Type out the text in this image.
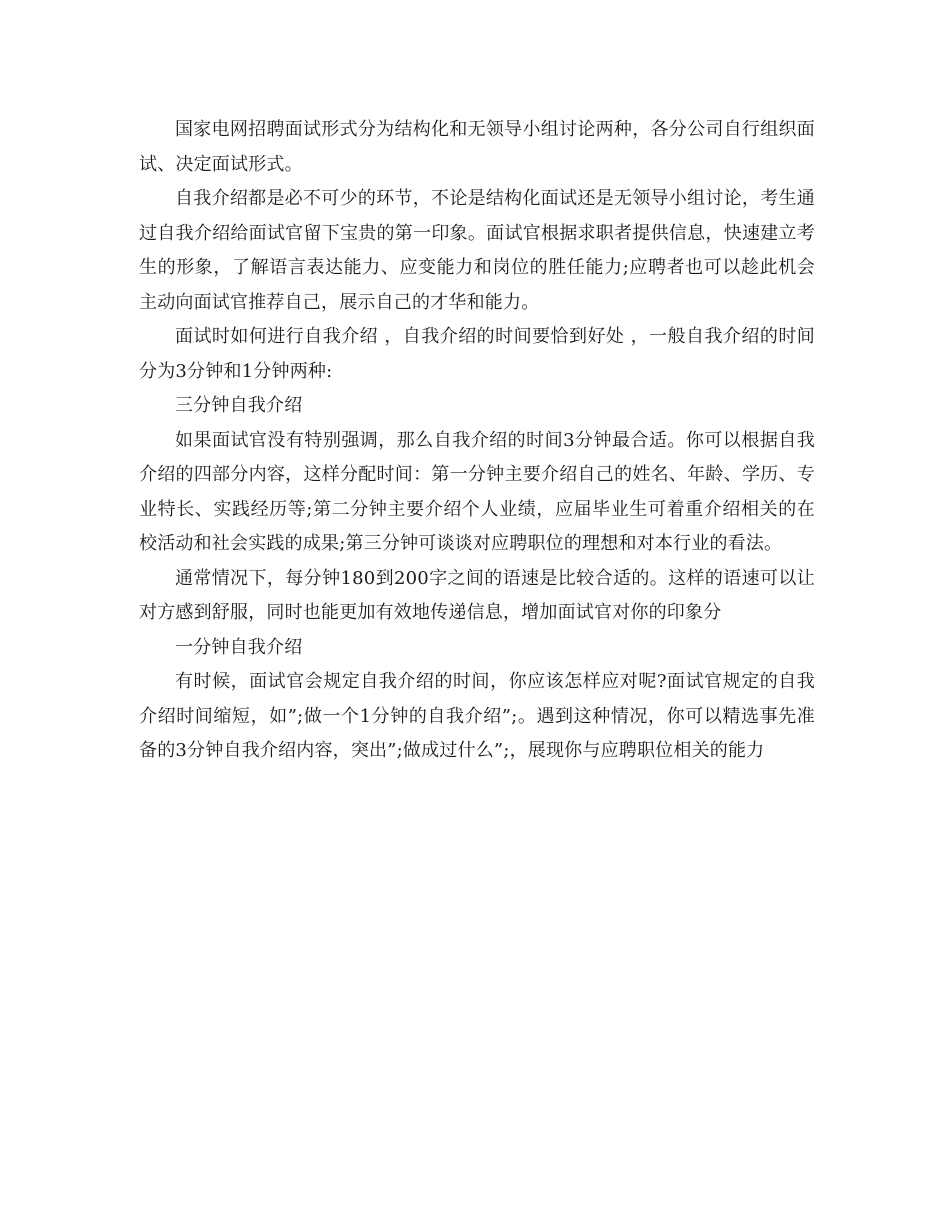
国家电网招聘面试形式分为结构化和无领导小组讨论两种，各分公司自行组织面试、决定面试形式。

自我介绍都是必不可少的环节，不论是结构化面试还是无领导小组讨论，考生通过自我介绍给面试官留下宝贵的第一印象。面试官根据求职者提供信息，快速建立考生的形象，了解语言表达能力、应变能力和岗位的胜任能力;应聘者也可以趁此机会主动向面试官推荐自己，展示自己的才华和能力。

面试时如何进行自我介绍 ，自我介绍的时间要恰到好处 ，一般自我介绍的时间分为3分钟和1分钟两种:

三分钟自我介绍

如果面试官没有特别强调，那么自我介绍的时间3分钟最合适。你可以根据自我介绍的四部分内容，这样分配时间：第一分钟主要介绍自己的姓名、年龄、学历、专业特长、实践经历等;第二分钟主要介绍个人业绩，应届毕业生可着重介绍相关的在校活动和社会实践的成果;第三分钟可谈谈对应聘职位的理想和对本行业的看法。

通常情况下，每分钟180到200字之间的语速是比较合适的。这样的语速可以让对方感到舒服，同时也能更加有效地传递信息，增加面试官对你的印象分

一分钟自我介绍

有时候，面试官会规定自我介绍的时间，你应该怎样应对呢?面试官规定的自我介绍时间缩短，如”;做一个1分钟的自我介绍”;。遇到这种情况，你可以精选事先准备的3分钟自我介绍内容，突出”;做成过什么”;，展现你与应聘职位相关的能力
